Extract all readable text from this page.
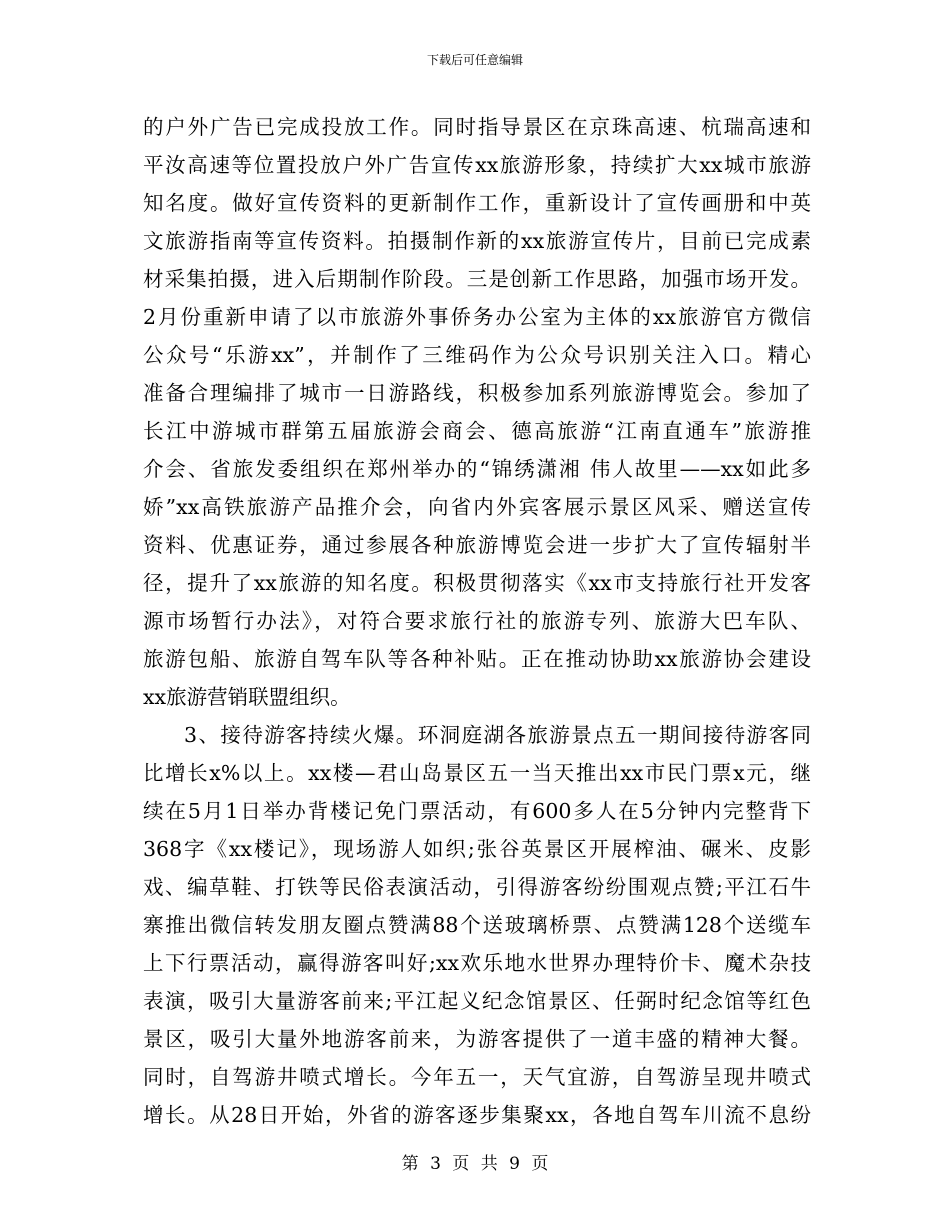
下载后可任意编辑
的户外广告已完成投放工作。同时指导景区在京珠高速、杭瑞高速和
平汝高速等位置投放户外广告宣传xx旅游形象，持续扩大xx城市旅游
知名度。做好宣传资料的更新制作工作，重新设计了宣传画册和中英
文旅游指南等宣传资料。拍摄制作新的xx旅游宣传片，目前已完成素
材采集拍摄，进入后期制作阶段。三是创新工作思路，加强市场开发。
2月份重新申请了以市旅游外事侨务办公室为主体的xx旅游官方微信
公众号“乐游xx”，并制作了三维码作为公众号识别关注入口。精心
准备合理编排了城市一日游路线，积极参加系列旅游博览会。参加了
长江中游城市群第五届旅游会商会、德高旅游“江南直通车”旅游推
介会、省旅发委组织在郑州举办的“锦绣潇湘 伟人故里——xx如此多
娇”xx高铁旅游产品推介会，向省内外宾客展示景区风采、赠送宣传
资料、优惠证券，通过参展各种旅游博览会进一步扩大了宣传辐射半
径，提升了xx旅游的知名度。积极贯彻落实《xx市支持旅行社开发客
源市场暂行办法》，对符合要求旅行社的旅游专列、旅游大巴车队、
旅游包船、旅游自驾车队等各种补贴。正在推动协助xx旅游协会建设
xx旅游营销联盟组织。
3、接待游客持续火爆。环洞庭湖各旅游景点五一期间接待游客同
比增长x%以上。xx楼—君山岛景区五一当天推出xx市民门票x元，继
续在5月1日举办背楼记免门票活动，有600多人在5分钟内完整背下
368字《xx楼记》，现场游人如织;张谷英景区开展榨油、碾米、皮影
戏、编草鞋、打铁等民俗表演活动，引得游客纷纷围观点赞;平江石牛
寨推出微信转发朋友圈点赞满88个送玻璃桥票、点赞满128个送缆车
上下行票活动，赢得游客叫好;xx欢乐地水世界办理特价卡、魔术杂技
表演，吸引大量游客前来;平江起义纪念馆景区、任弼时纪念馆等红色
景区，吸引大量外地游客前来，为游客提供了一道丰盛的精神大餐。
同时，自驾游井喷式增长。今年五一，天气宜游，自驾游呈现井喷式
增长。从28日开始，外省的游客逐步集聚xx，各地自驾车川流不息纷
第 3 页 共 9 页
